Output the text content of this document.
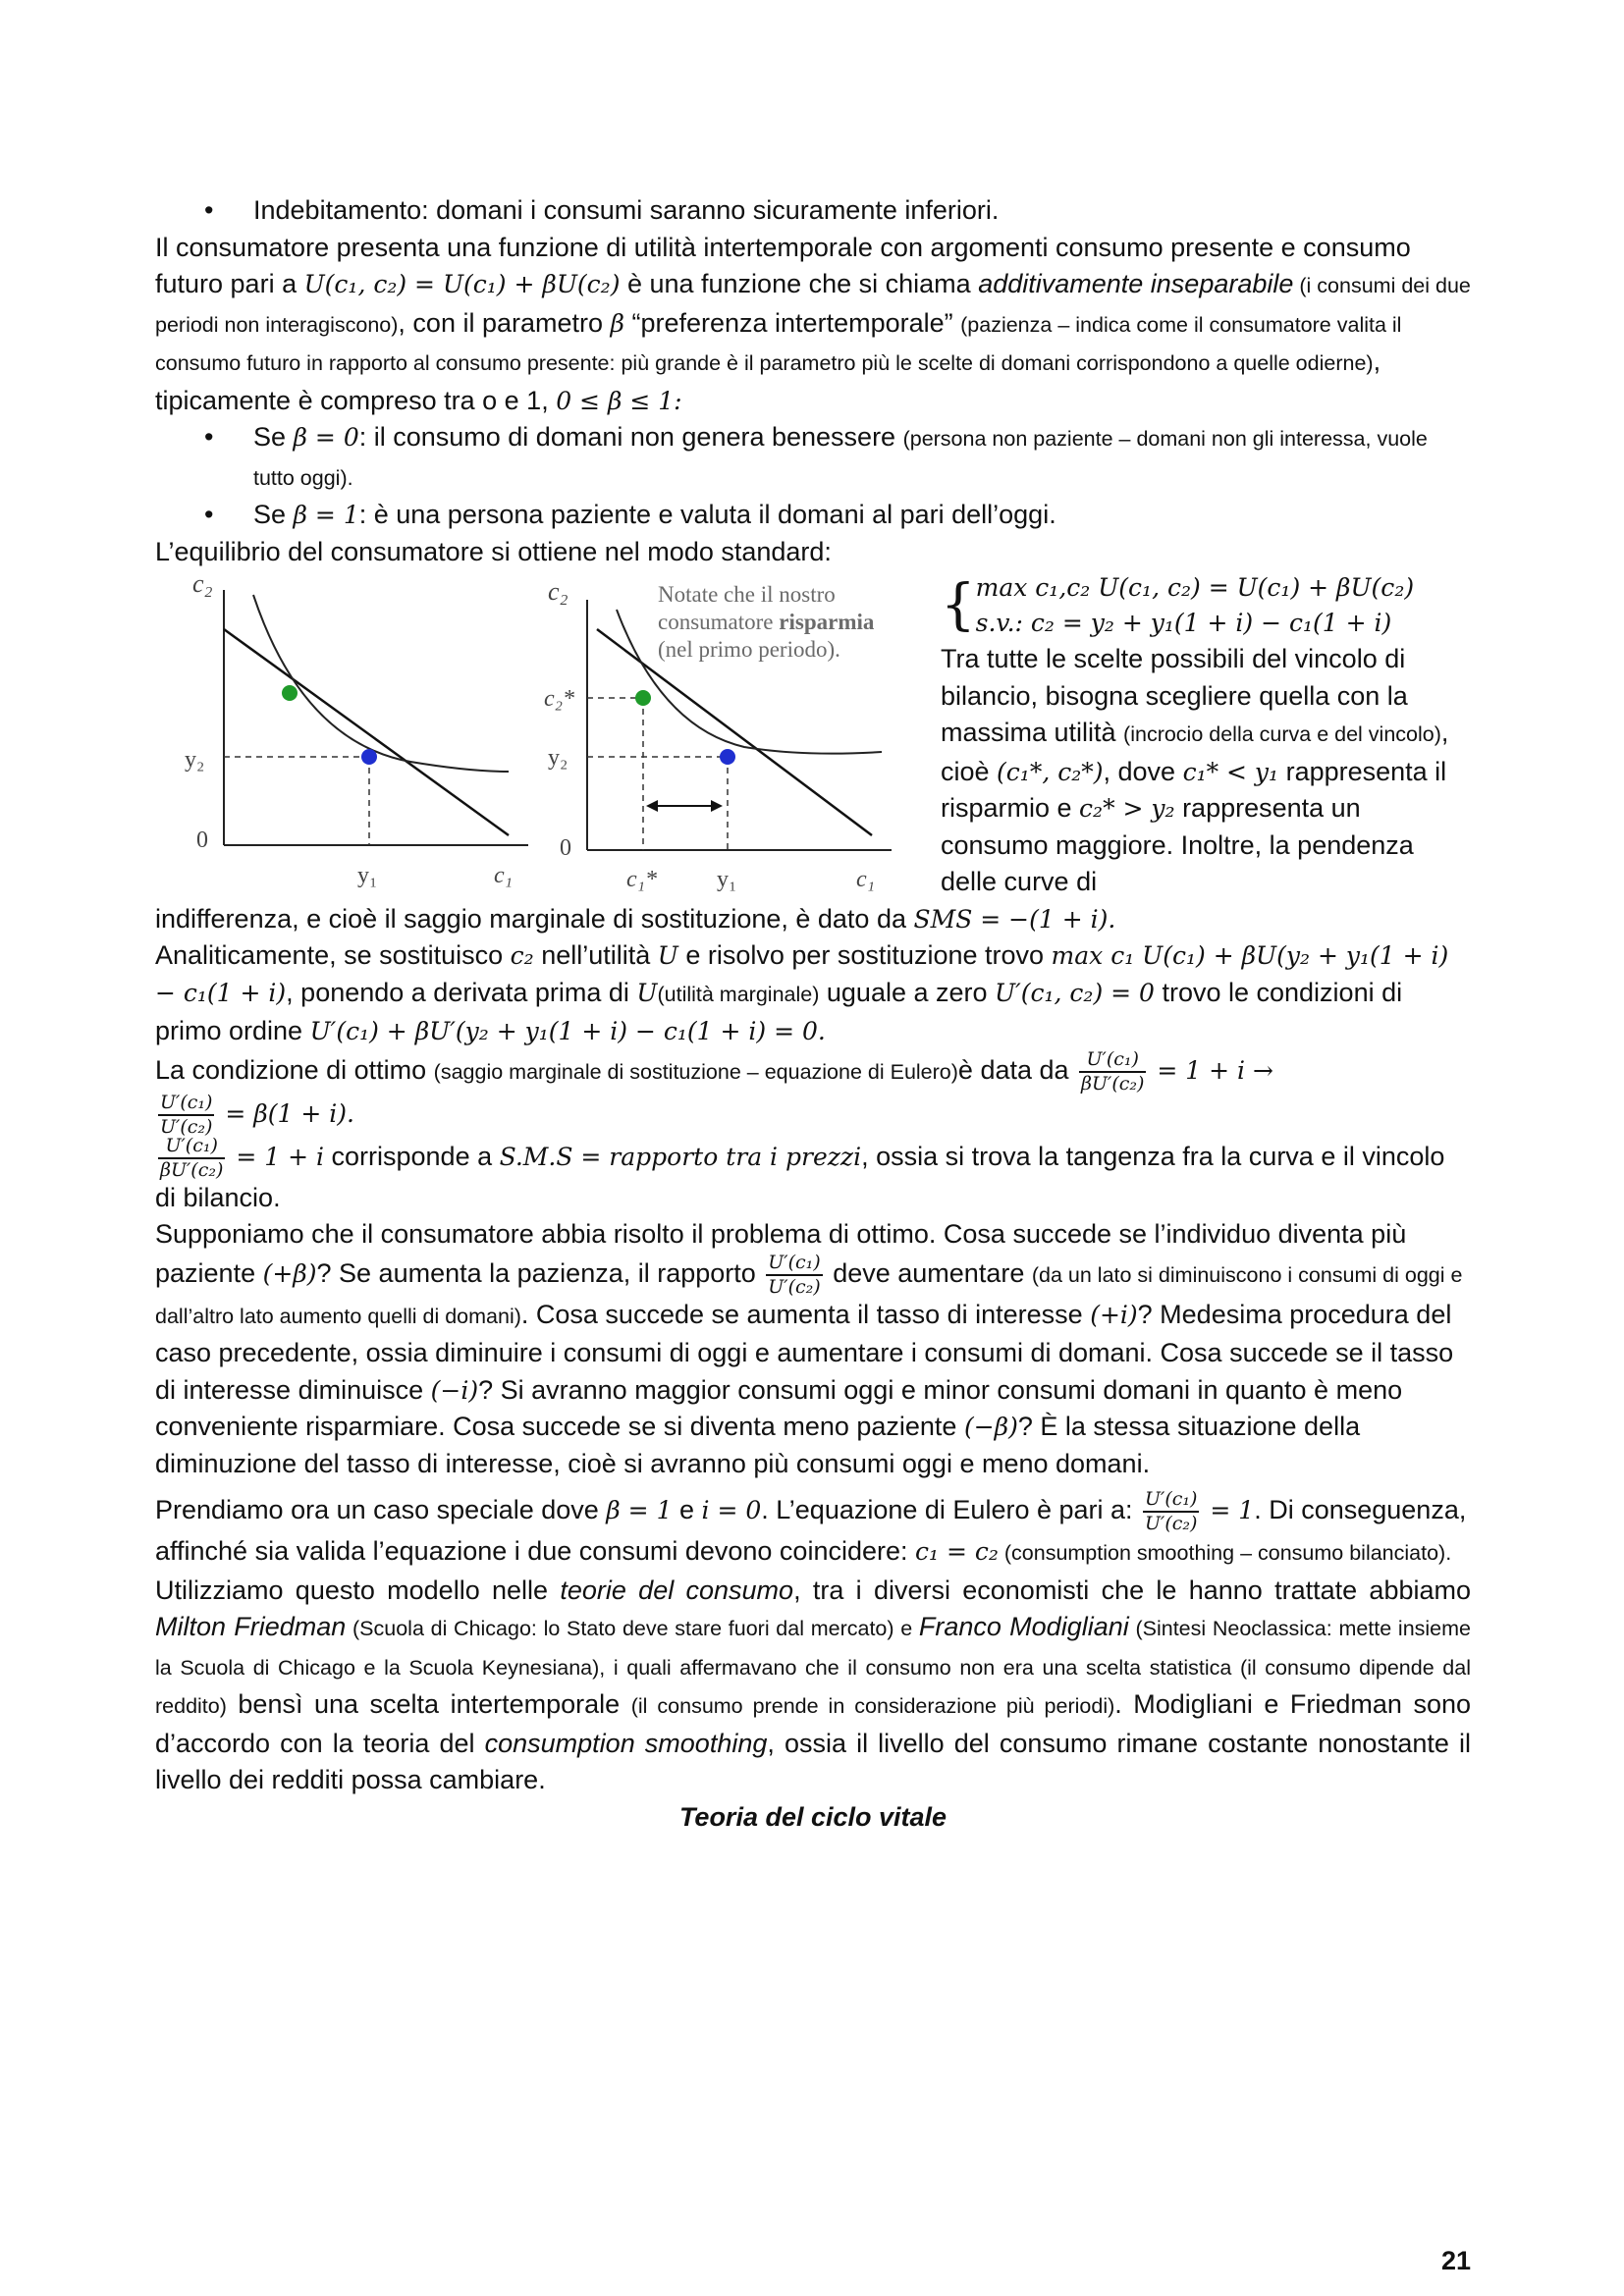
• Indebitamento: domani i consumi saranno sicuramente inferiori.

Il consumatore presenta una funzione di utilità intertemporale con argomenti consumo presente e consumo futuro pari a U(c₁, c₂) = U(c₁) + βU(c₂) è una funzione che si chiama additivamente inseparabile (i consumi dei due periodi non interagiscono), con il parametro β “preferenza intertemporale” (pazienza – indica come il consumatore valita il consumo futuro in rapporto al consumo presente: più grande è il parametro più le scelte di domani corrispondono a quelle odierne), tipicamente è compreso tra o e 1, 0 ≤ β ≤ 1:

• Se β = 0: il consumo di domani non genera benessere (persona non paziente – domani non gli interessa, vuole tutto oggi).

• Se β = 1: è una persona paziente e valuta il domani al pari dell’oggi.

L’equilibrio del consumatore si ottiene nel modo standard:

c₂
y₂
0
y₁	c₁
c₂
c₂*
y₂
0
c₁*	y₁	c₁
Notate che il nostro
consumatore risparmia
(nel primo periodo).
{ max c₁,c₂ U(c₁, c₂) = U(c₁) + βU(c₂)
s.v.: c₂ = y₂ + y₁(1 + i) − c₁(1 + i)

Tra tutte le scelte possibili del vincolo di bilancio, bisogna scegliere quella con la massima utilità (incrocio della curva e del vincolo), cioè (c₁*, c₂*), dove c₁* < y₁ rappresenta il risparmio e c₂* > y₂ rappresenta un consumo maggiore. Inoltre, la pendenza delle curve di

indifferenza, e cioè il saggio marginale di sostituzione, è dato da SMS = −(1 + i).

Analiticamente, se sostituisco c₂ nell’utilità U e risolvo per sostituzione trovo max c₁ U(c₁) + βU(y₂ + y₁(1 + i) − c₁(1 + i), ponendo a derivata prima di U(utilità marginale) uguale a zero U′(c₁, c₂) = 0 trovo le condizioni di primo ordine U′(c₁) + βU′(y₂ + y₁(1 + i) − c₁(1 + i) = 0.

La condizione di ottimo (saggio marginale di sostituzione – equazione di Eulero)è data da $\frac{\text{U′(c₁)}}{\text{βU′(c₂)}} = 1 + i$ →

$\frac{\text{U′(c₁)}}{\text{U′(c₂)}} = \beta(1 + i)$.

$\frac{\text{U′(c₁)}}{\text{βU′(c₂)}} = 1 + i$ corrisponde a S.M.S = rapporto tra i prezzi, ossia si trova la tangenza fra la curva e il vincolo di bilancio.

Supponiamo che il consumatore abbia risolto il problema di ottimo. Cosa succede se l’individuo diventa più paziente (+β)? Se aumenta la pazienza, il rapporto $\frac{\text{U′(c₁)}}{\text{U′(c₂)}}$ deve aumentare (da un lato si diminuiscono i consumi di oggi e dall’altro lato aumento quelli di domani). Cosa succede se aumenta il tasso di interesse (+i)? Medesima procedura del caso precedente, ossia diminuire i consumi di oggi e aumentare i consumi di domani. Cosa succede se il tasso di interesse diminuisce (−i)? Si avranno maggior consumi oggi e minor consumi domani in quanto è meno conveniente risparmiare. Cosa succede se si diventa meno paziente (−β)? È la stessa situazione della diminuzione del tasso di interesse, cioè si avranno più consumi oggi e meno domani.

Prendiamo ora un caso speciale dove β = 1 e i = 0. L’equazione di Eulero è pari a: $\frac{\text{U′(c₁)}}{\text{U′(c₂)}} = 1$. Di conseguenza, affinché sia valida l’equazione i due consumi devono coincidere: c₁ = c₂ (consumption smoothing – consumo bilanciato).

Utilizziamo questo modello nelle teorie del consumo, tra i diversi economisti che le hanno trattate abbiamo Milton Friedman (Scuola di Chicago: lo Stato deve stare fuori dal mercato) e Franco Modigliani (Sintesi Neoclassica: mette insieme la Scuola di Chicago e la Scuola Keynesiana), i quali affermavano che il consumo non era una scelta statistica (il consumo dipende dal reddito) bensì una scelta intertemporale (il consumo prende in considerazione più periodi). Modigliani e Friedman sono d’accordo con la teoria del consumption smoothing, ossia il livello del consumo rimane costante nonostante il livello dei redditi possa cambiare.

Teoria del ciclo vitale

21
